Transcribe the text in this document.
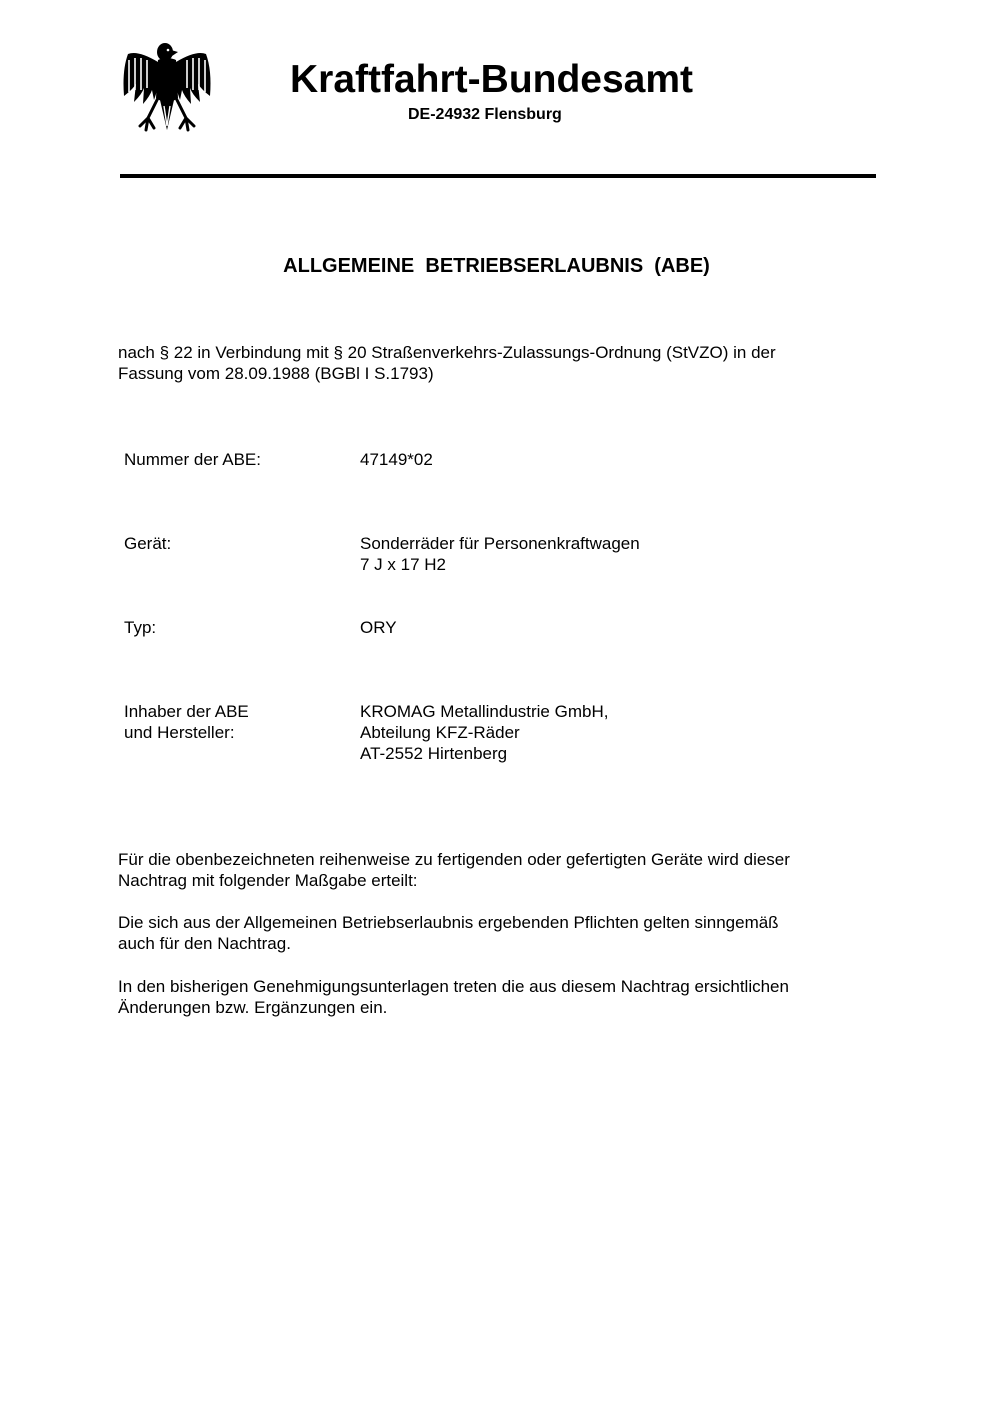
Kraftfahrt-Bundesamt
DE-24932 Flensburg
ALLGEMEINE  BETRIEBSERLAUBNIS  (ABE)

nach § 22 in Verbindung mit § 20 Straßenverkehrs-Zulassungs-Ordnung (StVZO) in der
Fassung vom 28.09.1988 (BGBl I S.1793)

Nummer der ABE:	47149*02
Gerät:	Sonderräder für Personenkraftwagen
7 J x 17 H2
Typ:	ORY
Inhaber der ABE
und Hersteller:
KROMAG Metallindustrie GmbH,
Abteilung KFZ-Räder
AT-2552 Hirtenberg

Für die obenbezeichneten reihenweise zu fertigenden oder gefertigten Geräte wird dieser
Nachtrag mit folgender Maßgabe erteilt:

Die sich aus der Allgemeinen Betriebserlaubnis ergebenden Pflichten gelten sinngemäß
auch für den Nachtrag.

In den bisherigen Genehmigungsunterlagen treten die aus diesem Nachtrag ersichtlichen
Änderungen bzw. Ergänzungen ein.
